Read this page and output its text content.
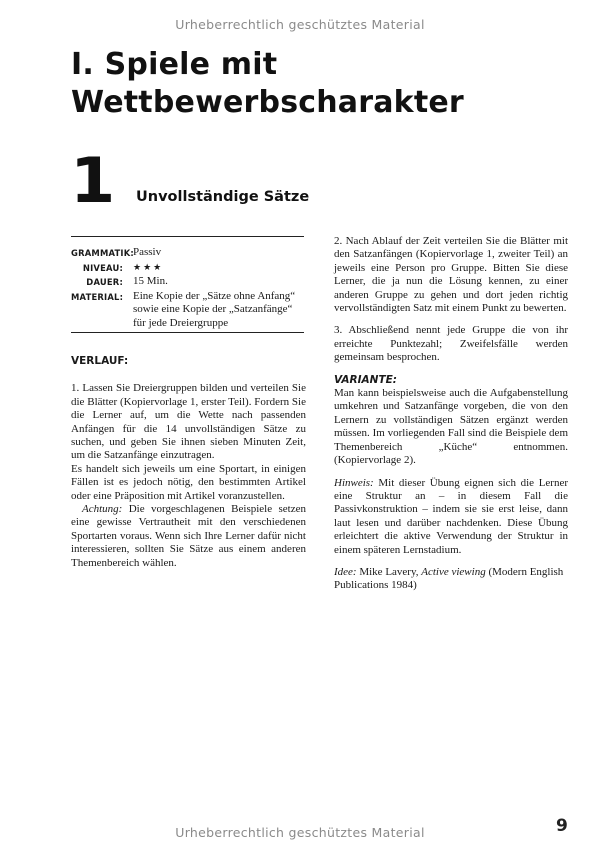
Urheberrechtlich geschütztes Material
I. Spiele mit
Wettbewerbscharakter
1 Unvollständige Sätze
GRAMMATIK: Passiv
NIVEAU: ★★★
DAUER: 15 Min.
MATERIAL: Eine Kopie der „Sätze ohne Anfang“ sowie eine Kopie der „Satzanfänge“ für jede Dreiergruppe
VERLAUF:

1. Lassen Sie Dreiergruppen bilden und verteilen Sie die Blätter (Kopiervorlage 1, erster Teil). Fordern Sie die Lerner auf, um die Wette nach passenden Anfängen für die 14 unvollständigen Sätze zu suchen, und geben Sie ihnen sieben Minuten Zeit, um die Satzanfänge einzutragen.

Es handelt sich jeweils um eine Sportart, in einigen Fällen ist es jedoch nötig, den bestimmten Artikel oder eine Präposition mit Artikel voranzustellen.

Achtung: Die vorgeschlagenen Beispiele setzen eine gewisse Vertrautheit mit den verschiedenen Sportarten voraus. Wenn sich Ihre Lerner dafür nicht interessieren, sollten Sie Sätze aus einem anderen Themenbereich wählen.

2. Nach Ablauf der Zeit verteilen Sie die Blätter mit den Satzanfängen (Kopiervorlage 1, zweiter Teil) an jeweils eine Person pro Gruppe. Bitten Sie diese Lerner, die ja nun die Lösung kennen, zu einer anderen Gruppe zu gehen und dort jeden richtig vervollständigten Satz mit einem Punkt zu bewerten.

3. Abschließend nennt jede Gruppe die von ihr erreichte Punktezahl; Zweifelsfälle werden gemeinsam besprochen.

VARIANTE:

Man kann beispielsweise auch die Aufgabenstellung umkehren und Satzanfänge vorgeben, die von den Lernern zu vollständigen Sätzen ergänzt werden müssen. Im vorliegenden Fall sind die Beispiele dem Themenbereich „Küche“ entnommen. (Kopiervorlage 2).

Hinweis: Mit dieser Übung eignen sich die Lerner eine Struktur an – in diesem Fall die Passivkonstruktion – indem sie sie erst leise, dann laut lesen und darüber nachdenken. Diese Übung erleichtert die aktive Verwendung der Struktur in einem späteren Lernstadium.

Idee: Mike Lavery, Active viewing (Modern English Publications 1984)

Urheberrechtlich geschütztes Material	9
